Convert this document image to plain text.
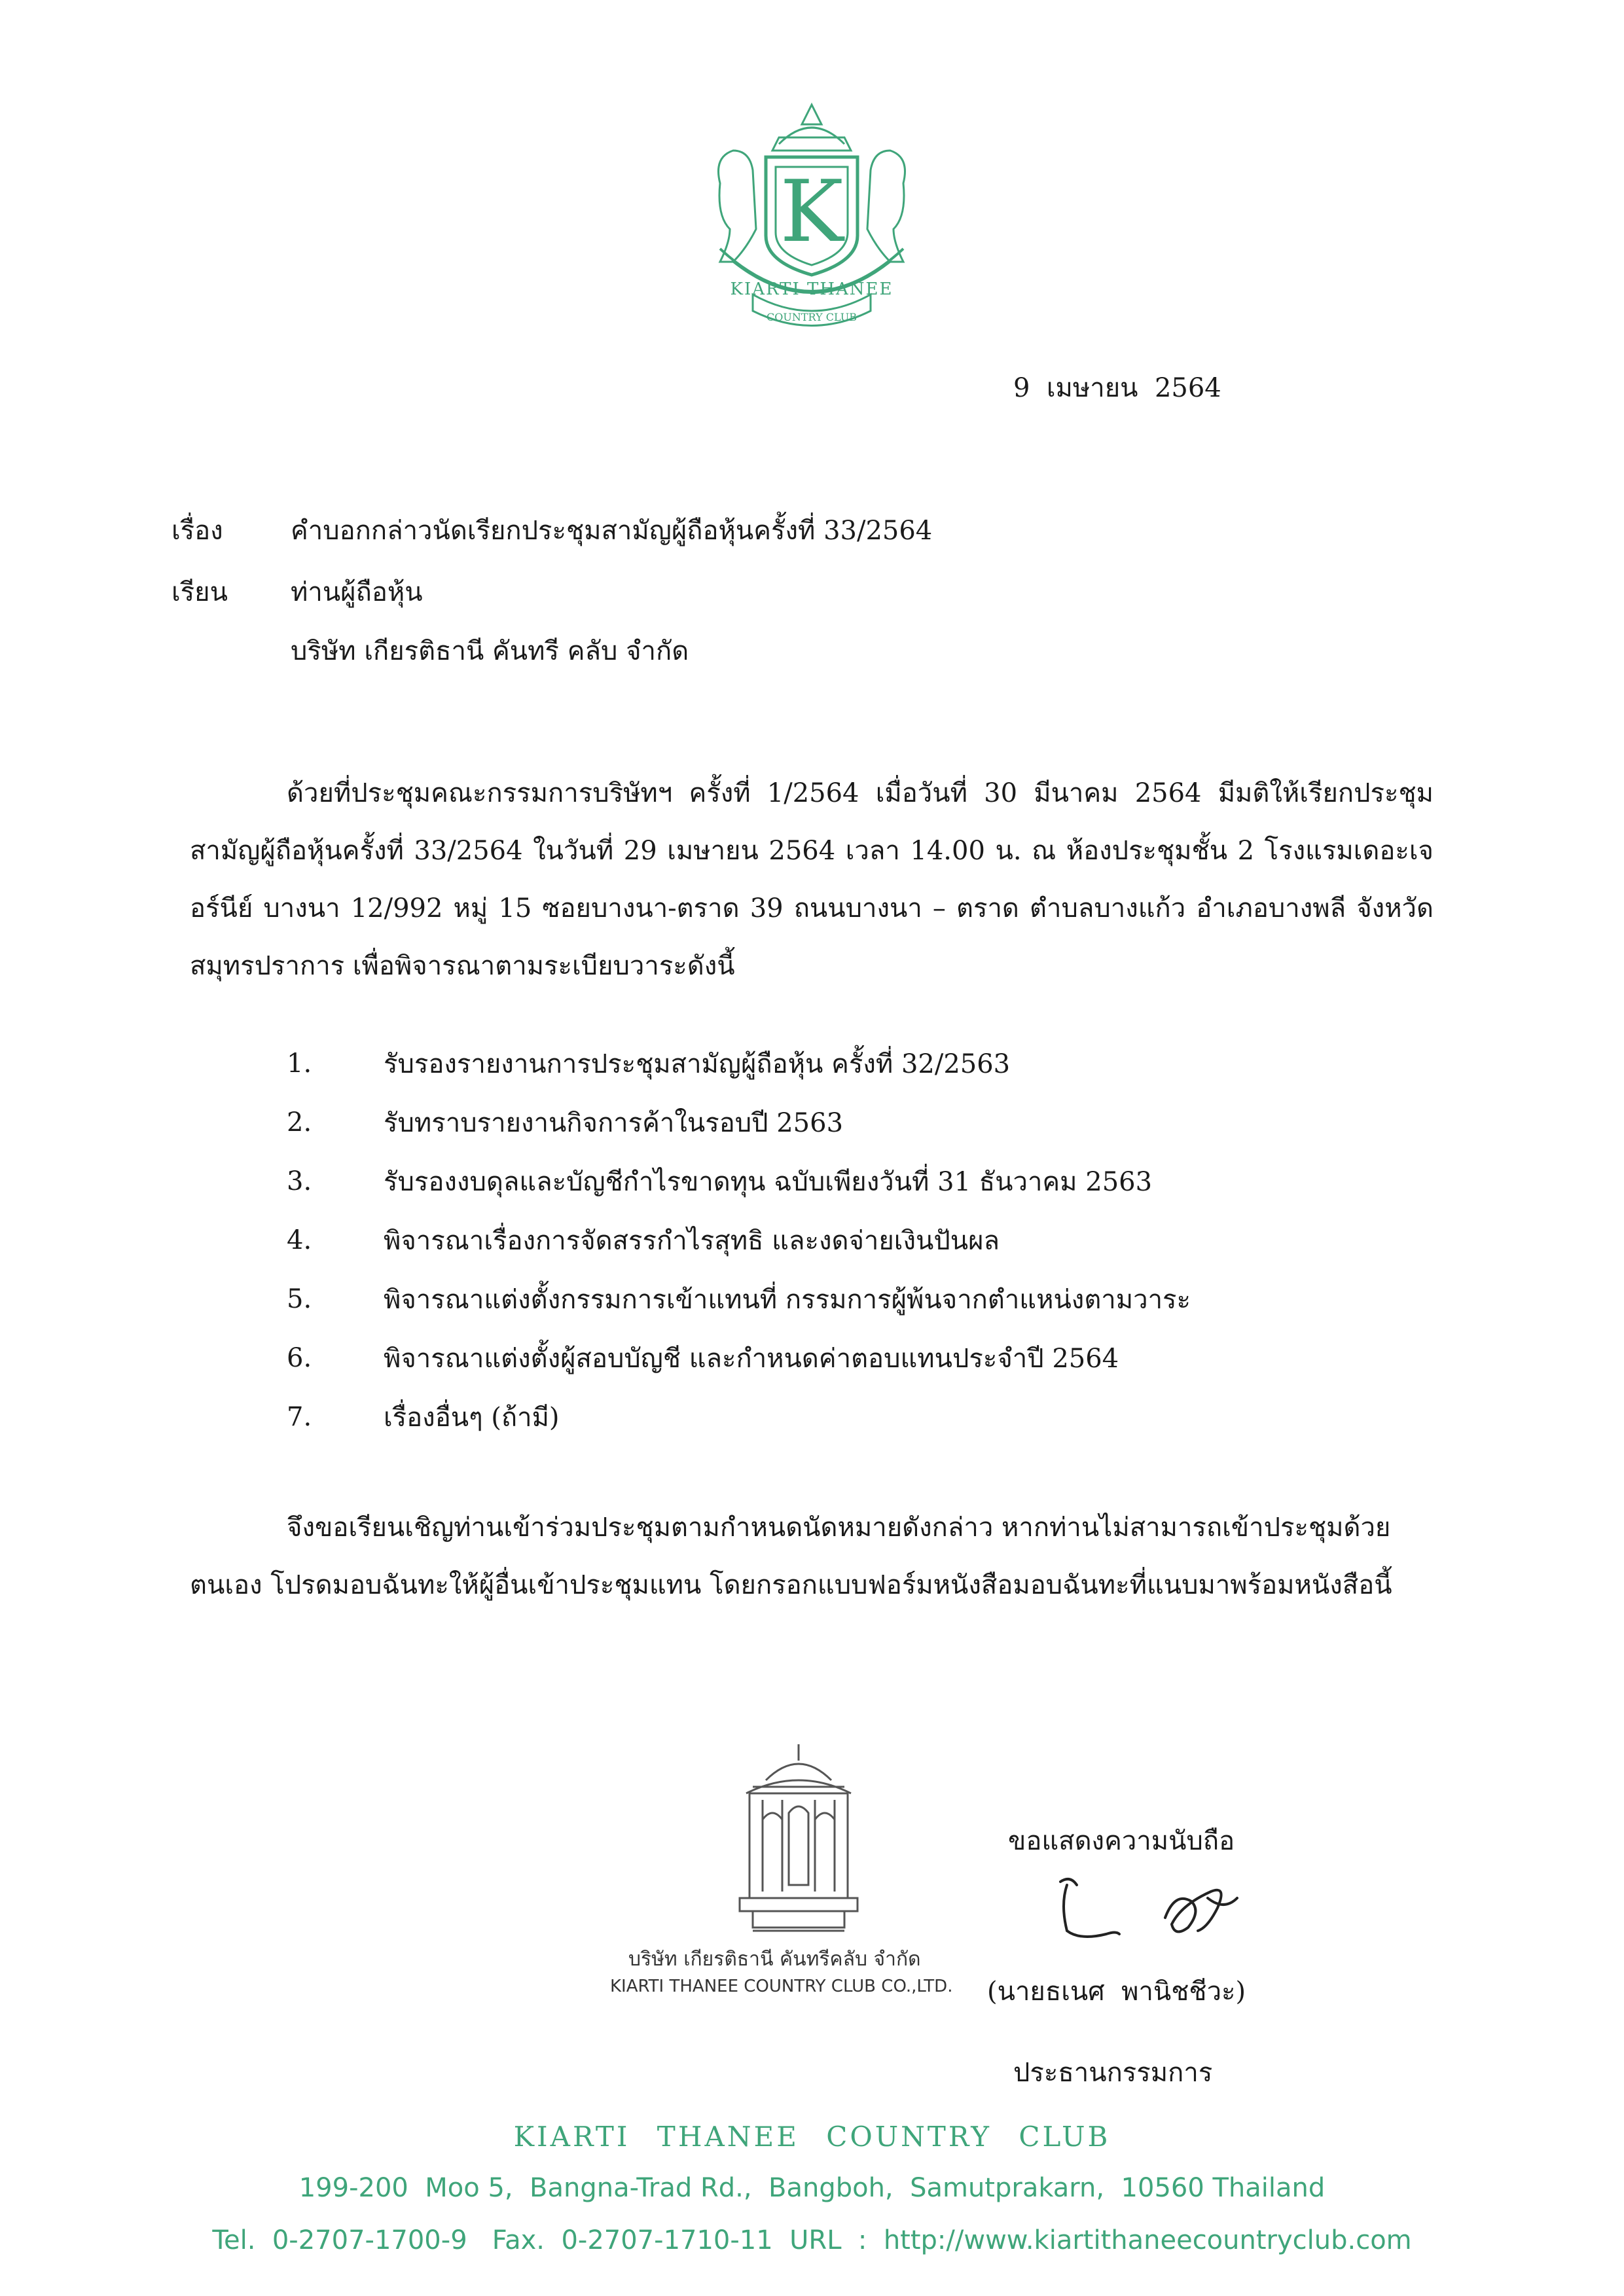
K
KIARTI THANEE
COUNTRY CLUB
9  เมษายน  2564
เรื่อง	คำบอกกล่าวนัดเรียกประชุมสามัญผู้ถือหุ้นครั้งที่ 33/2564
เรียน ท่านผู้ถือหุ้น
บริษัท เกียรติธานี คันทรี คลับ จำกัด
ด้วยที่ประชุมคณะกรรมการบริษัทฯ ครั้งที่ 1/2564 เมื่อวันที่ 30 มีนาคม 2564 มีมติให้เรียกประชุมสามัญผู้ถือหุ้นครั้งที่ 33/2564 ในวันที่ 29 เมษายน 2564 เวลา 14.00 น. ณ ห้องประชุมชั้น 2 โรงแรมเดอะเจอร์นีย์ บางนา 12/992 หมู่ 15 ซอยบางนา-ตราด 39 ถนนบางนา – ตราด ตำบลบางแก้ว อำเภอบางพลี จังหวัดสมุทรปราการ เพื่อพิจารณาตามระเบียบวาระดังนี้
1.	รับรองรายงานการประชุมสามัญผู้ถือหุ้น ครั้งที่ 32/2563
2.	รับทราบรายงานกิจการค้าในรอบปี 2563
3.	รับรองงบดุลและบัญชีกำไรขาดทุน ฉบับเพียงวันที่ 31 ธันวาคม 2563
4.	พิจารณาเรื่องการจัดสรรกำไรสุทธิ และงดจ่ายเงินปันผล
5.	พิจารณาแต่งตั้งกรรมการเข้าแทนที่ กรรมการผู้พ้นจากตำแหน่งตามวาระ
6.	พิจารณาแต่งตั้งผู้สอบบัญชี และกำหนดค่าตอบแทนประจำปี 2564
7.	เรื่องอื่นๆ (ถ้ามี)
จึงขอเรียนเชิญท่านเข้าร่วมประชุมตามกำหนดนัดหมายดังกล่าว หากท่านไม่สามารถเข้าประชุมด้วยตนเอง โปรดมอบฉันทะให้ผู้อื่นเข้าประชุมแทน โดยกรอกแบบฟอร์มหนังสือมอบฉันทะที่แนบมาพร้อมหนังสือนี้
บริษัท เกียรติธานี คันทรีคลับ จำกัด
KIARTI THANEE COUNTRY CLUB CO.,LTD.
ขอแสดงความนับถือ
(นายธเนศ  พานิชชีวะ)
ประธานกรรมการ
KIARTI THANEE COUNTRY CLUB
199-200  Moo 5,  Bangna-Trad Rd.,  Bangboh,  Samutprakarn,  10560 Thailand
Tel.  0-2707-1700-9   Fax.  0-2707-1710-11  URL  :  http://www.kiartithaneecountryclub.com
